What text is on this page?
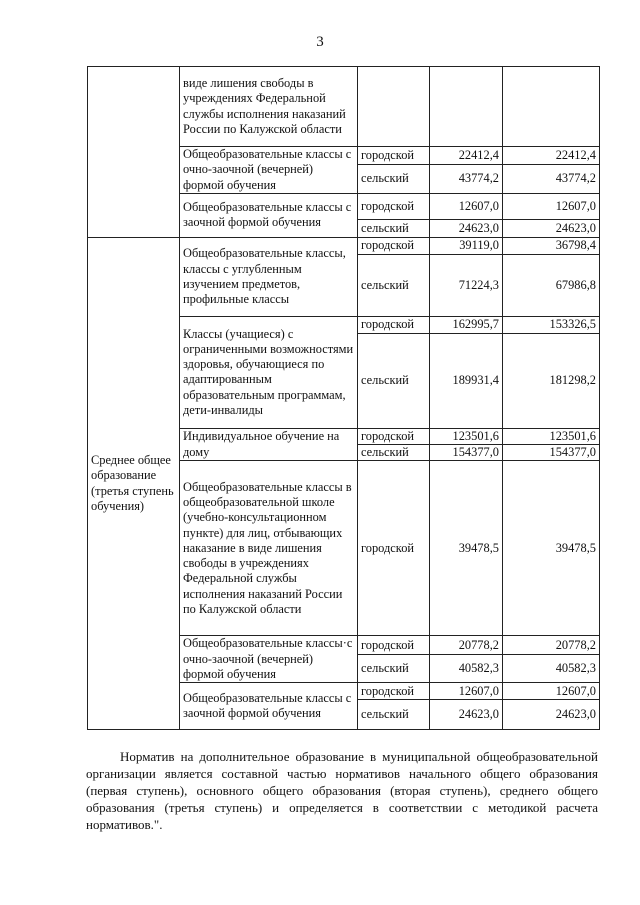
3
	виде лишения свободы в учреждениях Федеральной службы исполнения наказаний России по Калужской области			
	Общеобразовательные классы с очно-заочной (вечерней) формой обучения	городской	22412,4	22412,4
		сельский	43774,2	43774,2
	Общеобразовательные классы с заочной формой обучения	городской	12607,0	12607,0
		сельский	24623,0	24623,0
Среднее общее образование (третья ступень обучения)	Общеобразовательные классы, классы с углубленным изучением предметов, профильные классы	городской	39119,0	36798,4
		сельский	71224,3	67986,8
	Классы (учащиеся) с ограниченными возможностями здоровья, обучающиеся по адаптированным образовательным программам, дети-инвалиды	городской	162995,7	153326,5
		сельский	189931,4	181298,2
	Индивидуальное обучение на дому	городской	123501,6	123501,6
		сельский	154377,0	154377,0
	Общеобразовательные классы в общеобразовательной школе (учебно-консультационном пункте) для лиц, отбывающих наказание в виде лишения свободы в учреждениях Федеральной службы исполнения наказаний России по Калужской области	городской	39478,5	39478,5
	Общеобразовательные классы·с очно-заочной (вечерней) формой обучения	городской	20778,2	20778,2
		сельский	40582,3	40582,3
	Общеобразовательные классы с заочной формой обучения	городской	12607,0	12607,0
		сельский	24623,0	24623,0
Норматив на дополнительное образование в муниципальной общеобразовательной организации является составной частью нормативов начального общего образования (первая ступень), основного общего образования (вторая ступень), среднего общего образования (третья ступень) и определяется в соответствии с методикой расчета нормативов.".
